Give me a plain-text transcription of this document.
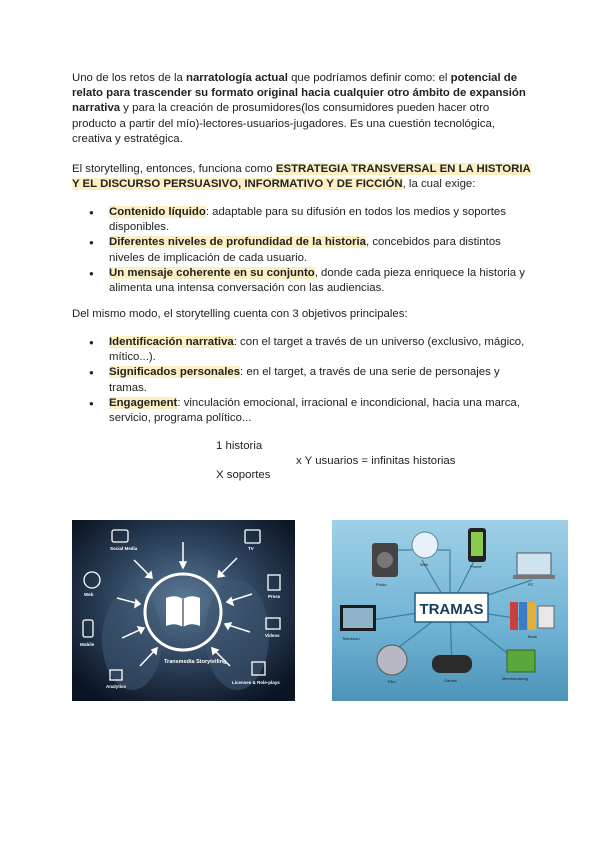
Uno de los retos de la narratología actual que podríamos definir como: el potencial de relato para trascender su formato original hacia cualquier otro ámbito de expansión narrativa y para la creación de prosumidores(los consumidores pueden hacer otro producto a partir del mío)-lectores-usuarios-jugadores. Es una cuestión tecnológica, creativa y estratégica.

El storytelling, entonces, funciona como ESTRATEGIA TRANSVERSAL EN LA HISTORIA Y EL DISCURSO PERSUASIVO, INFORMATIVO Y DE FICCIÓN, la cual exige:

● Contenido líquido: adaptable para su difusión en todos los medios y soportes disponibles.
● Diferentes niveles de profundidad de la historia, concebidos para distintos niveles de implicación de cada usuario.
● Un mensaje coherente en su conjunto, donde cada pieza enriquece la historia y alimenta una intensa conversación con las audiencias.

Del mismo modo, el storytelling cuenta con 3 objetivos principales:

● Identificación narrativa: con el target a través de un universo (exclusivo, mágico, mítico...).
● Significados personales: en el target, a través de una serie de personajes y tramas.
● Engagement: vinculación emocional, irracional e incondicional, hacia una marca, servicio, programa político...
1 historia
x Y usuarios = infinitas historias
X soportes
Social Media	TV
Web	Press
Mobile
Videos
Analytics
Licenses & Role-plays
Transmedia Storytelling
TRAMAS
Photo
Web	Phone
PC
Television	Book
Film	Games	Merchandising
